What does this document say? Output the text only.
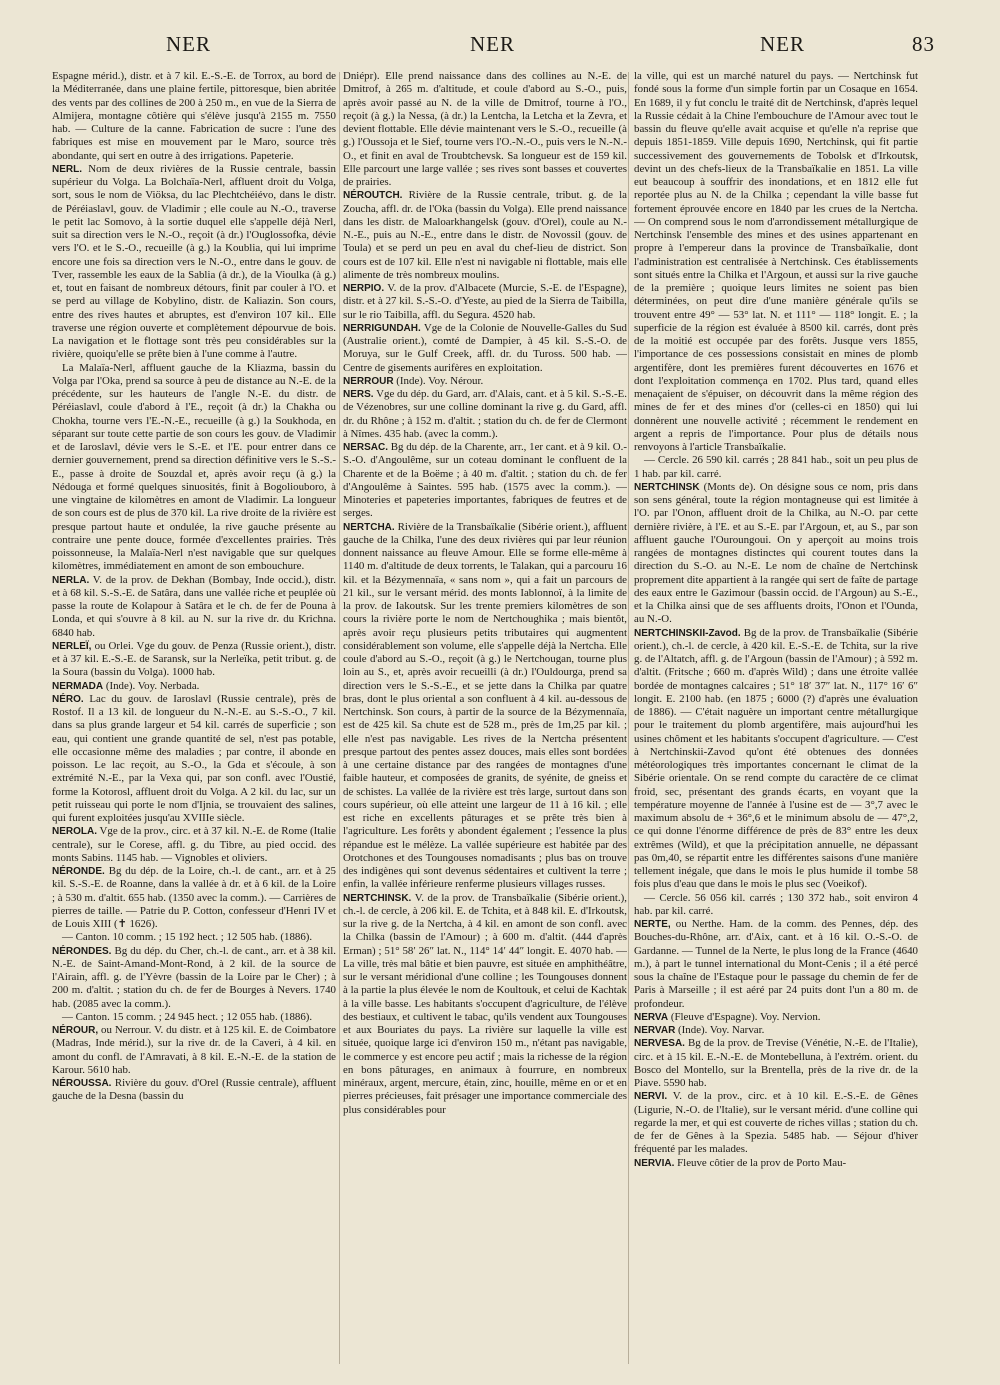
NER	NER	NER	83

Espagne mérid.), distr. et à 7 kil. E.-S.-E. de Torrox, au bord de la Méditerranée, dans une plaine fertile, pittoresque, bien abritée des vents par des collines de 200 à 250 m., en vue de la Sierra de Almijera, montagne côtière qui s'élève jusqu'à 2155 m. 7550 hab. — Culture de la canne. Fabrication de sucre : l'une des fabriques est mise en mouvement par le Maro, source très abondante, qui sert en outre à des irrigations. Papeterie.

NERL. Nom de deux rivières de la Russie centrale, bassin supérieur du Volga. La Bolchaïa-Nerl, affluent droit du Volga, sort, sous le nom de Viöksa, du lac Plechtchéiévo, dans le distr. de Péréiaslavl, gouv. de Vladimir ; elle coule au N.-O., traverse le petit lac Somovo, à la sortie duquel elle s'appelle déjà Nerl, suit sa direction vers le N.-O., reçoit (à dr.) l'Ouglossofka, dévie vers l'O. et le S.-O., recueille (à g.) la Koublia, qui lui imprime encore une fois sa direction vers le N.-O., entre dans le gouv. de Tver, rassemble les eaux de la Sablia (à dr.), de la Vioulka (à g.) et, tout en faisant de nombreux détours, finit par couler à l'O. et se perd au village de Kobylino, distr. de Kaliazin. Son cours, entre des rives hautes et abruptes, est d'environ 107 kil.. Elle traverse une région ouverte et complètement dépourvue de bois. La navigation et le flottage sont très peu considérables sur la rivière, quoiqu'elle se prête bien à l'une comme à l'autre.

La Malaïa-Nerl, affluent gauche de la Kliazma, bassin du Volga par l'Oka, prend sa source à peu de distance au N.-E. de la précédente, sur les hauteurs de l'angle N.-E. du distr. de Péréiaslavl, coule d'abord à l'E., reçoit (à dr.) la Chakha ou Chokha, tourne vers l'E.-N.-E., recueille (à g.) la Soukhoda, en séparant sur toute cette partie de son cours les gouv. de Vladimir et de Iaroslavl, dévie vers le S.-E. et l'E. pour entrer dans ce dernier gouvernement, prend sa direction définitive vers le S.-S.-E., passe à droite de Souzdal et, après avoir reçu (à g.) la Nédouga et formé quelques sinuosités, finit à Bogoliouboro, à une vingtaine de kilomètres en amont de Vladimir. La longueur de son cours est de plus de 370 kil. La rive droite de la rivière est presque partout haute et ondulée, la rive gauche présente au contraire une pente douce, formée d'excellentes prairies. Très poissonneuse, la Malaïa-Nerl n'est navigable que sur quelques kilomètres, immédiatement en amont de son embouchure.

NERLA. V. de la prov. de Dekhan (Bombay, Inde occid.), distr. et à 68 kil. S.-S.-E. de Satâra, dans une vallée riche et peuplée où passe la route de Kolapour à Satâra et le ch. de fer de Pouna à Londa, et qui s'ouvre à 8 kil. au N. sur la rive dr. du Krichna. 6840 hab.

NERLEÏ, ou Orlei. Vge du gouv. de Penza (Russie orient.), distr. et à 37 kil. E.-S.-E. de Saransk, sur la Nerleïka, petit tribut. g. de la Soura (bassin du Volga). 1000 hab.

NERMADA (Inde). Voy. Nerbada.

NÉRO. Lac du gouv. de Iaroslavl (Russie centrale), près de Rostof. Il a 13 kil. de longueur du N.-N.-E. au S.-S.-O., 7 kil. dans sa plus grande largeur et 54 kil. carrés de superficie ; son eau, qui contient une grande quantité de sel, n'est pas potable, elle occasionne même des maladies ; par contre, il abonde en poisson. Le lac reçoit, au S.-O., la Gda et s'écoule, à son extrémité N.-E., par la Vexa qui, par son confl. avec l'Oustié, forme la Kotorosl, affluent droit du Volga. A 2 kil. du lac, sur un petit ruisseau qui porte le nom d'Ijnia, se trouvaient des salines, qui furent exploitées jusqu'au XVIIIe siècle.

NEROLA. Vge de la prov., circ. et à 37 kil. N.-E. de Rome (Italie centrale), sur le Corese, affl. g. du Tibre, au pied occid. des monts Sabins. 1145 hab. — Vignobles et oliviers.

NÉRONDE. Bg du dép. de la Loire, ch.-l. de cant., arr. et à 25 kil. S.-S.-E. de Roanne, dans la vallée à dr. et à 6 kil. de la Loire ; à 530 m. d'altit. 655 hab. (1350 avec la comm.). — Carrières de pierres de taille. — Patrie du P. Cotton, confesseur d'Henri IV et de Louis XIII (✝ 1626).

— Canton. 10 comm. ; 15 192 hect. ; 12 505 hab. (1886).

NÉRONDES. Bg du dép. du Cher, ch.-l. de cant., arr. et à 38 kil. N.-E. de Saint-Amand-Mont-Rond, à 2 kil. de la source de l'Airain, affl. g. de l'Yèvre (bassin de la Loire par le Cher) ; à 200 m. d'altit. ; station du ch. de fer de Bourges à Nevers. 1740 hab. (2085 avec la comm.).

— Canton. 15 comm. ; 24 945 hect. ; 12 055 hab. (1886).

NÉROUR, ou Nerrour. V. du distr. et à 125 kil. E. de Coimbatore (Madras, Inde mérid.), sur la rive dr. de la Caveri, à 4 kil. en amont du confl. de l'Amravati, à 8 kil. E.-N.-E. de la station de Karour. 5610 hab.

NÉROUSSA. Rivière du gouv. d'Orel (Russie centrale), affluent gauche de la Desna (bassin du

Dniépr). Elle prend naissance dans des collines au N.-E. de Dmitrof, à 265 m. d'altitude, et coule d'abord au S.-O., puis, après avoir passé au N. de la ville de Dmitrof, tourne à l'O., reçoit (à g.) la Nessa, (à dr.) la Lentcha, la Letcha et la Zevra, et devient flottable. Elle dévie maintenant vers le S.-O., recueille (à g.) l'Oussoja et le Sief, tourne vers l'O.-N.-O., puis vers le N.-N.-O., et finit en aval de Troubtchevsk. Sa longueur est de 159 kil. Elle parcourt une large vallée ; ses rives sont basses et couvertes de prairies.

NÉROUTCH. Rivière de la Russie centrale, tribut. g. de la Zoucha, affl. dr. de l'Oka (bassin du Volga). Elle prend naissance dans les distr. de Maloarkhangelsk (gouv. d'Orel), coule au N.-N.-E., puis au N.-E., entre dans le distr. de Novossil (gouv. de Toula) et se perd un peu en aval du chef-lieu de district. Son cours est de 107 kil. Elle n'est ni navigable ni flottable, mais elle alimente de très nombreux moulins.

NERPIO. V. de la prov. d'Albacete (Murcie, S.-E. de l'Espagne), distr. et à 27 kil. S.-S.-O. d'Yeste, au pied de la Sierra de Taibilla, sur le rio Taibilla, affl. du Segura. 4520 hab.

NERRIGUNDAH. Vge de la Colonie de Nouvelle-Galles du Sud (Australie orient.), comté de Dampier, à 45 kil. S.-S.-O. de Moruya, sur le Gulf Creek, affl. dr. du Tuross. 500 hab. — Centre de gisements aurifères en exploitation.

NERROUR (Inde). Voy. Nérour.

NERS. Vge du dép. du Gard, arr. d'Alais, cant. et à 5 kil. S.-S.-E. de Vézenobres, sur une colline dominant la rive g. du Gard, affl. dr. du Rhône ; à 152 m. d'altit. ; station du ch. de fer de Clermont à Nîmes. 435 hab. (avec la comm.).

NERSAC. Bg du dép. de la Charente, arr., 1er cant. et à 9 kil. O.-S.-O. d'Angoulême, sur un coteau dominant le confluent de la Charente et de la Boëme ; à 40 m. d'altit. ; station du ch. de fer d'Angoulême à Saintes. 595 hab. (1575 avec la comm.). — Minoteries et papeteries importantes, fabriques de feutres et de serges.

NERTCHA. Rivière de la Transbaïkalie (Sibérie orient.), affluent gauche de la Chilka, l'une des deux rivières qui par leur réunion donnent naissance au fleuve Amour. Elle se forme elle-même à 1140 m. d'altitude de deux torrents, le Talakan, qui a parcouru 16 kil. et la Bézymennaïa, « sans nom », qui a fait un parcours de 21 kil., sur le versant mérid. des monts Iablonnoï, à la limite de la prov. de Iakoutsk. Sur les trente premiers kilomètres de son cours la rivière porte le nom de Nertchoughika ; mais bientôt, après avoir reçu plusieurs petits tributaires qui augmentent considérablement son volume, elle s'appelle déjà la Nertcha. Elle coule d'abord au S.-O., reçoit (à g.) le Nertchougan, tourne plus loin au S., et, après avoir recueilli (à dr.) l'Ouldourga, prend sa direction vers le S.-S.-E., et se jette dans la Chilka par quatre bras, dont le plus oriental a son confluent à 4 kil. au-dessous de Nertchinsk. Son cours, à partir de la source de la Bézymennaïa, est de 425 kil. Sa chute est de 528 m., près de 1m,25 par kil. ; elle n'est pas navigable. Les rives de la Nertcha présentent presque partout des pentes assez douces, mais elles sont bordées à une certaine distance par des rangées de montagnes d'une faible hauteur, et composées de granits, de syénite, de gneiss et de schistes. La vallée de la rivière est très large, surtout dans son cours supérieur, où elle atteint une largeur de 11 à 16 kil. ; elle est riche en excellents pâturages et se prête très bien à l'agriculture. Les forêts y abondent également ; l'essence la plus répandue est le mélèze. La vallée supérieure est habitée par des Orotchones et des Toungouses nomadisants ; plus bas on trouve des indigènes qui sont devenus sédentaires et cultivent la terre ; enfin, la vallée inférieure renferme plusieurs villages russes.

NERTCHINSK. V. de la prov. de Transbaïkalie (Sibérie orient.), ch.-l. de cercle, à 206 kil. E. de Tchita, et à 848 kil. E. d'Irkoutsk, sur la rive g. de la Nertcha, à 4 kil. en amont de son confl. avec la Chilka (bassin de l'Amour) ; à 600 m. d'altit. (444 d'après Erman) ; 51° 58′ 26″ lat. N., 114° 14′ 44″ longit. E. 4070 hab. — La ville, très mal bâtie et bien pauvre, est située en amphithéâtre, sur le versant méridional d'une colline ; les Toungouses donnent à la partie la plus élevée le nom de Koultouk, et celui de Kachtak à la ville basse. Les habitants s'occupent d'agriculture, de l'élève des bestiaux, et cultivent le tabac, qu'ils vendent aux Toungouses et aux Bouriates du pays. La rivière sur laquelle la ville est située, quoique large ici d'environ 150 m., n'étant pas navigable, le commerce y est encore peu actif ; mais la richesse de la région en bons pâturages, en animaux à fourrure, en nombreux minéraux, argent, mercure, étain, zinc, houille, même en or et en pierres précieuses, fait présager une importance commerciale des plus considérables pour

la ville, qui est un marché naturel du pays. — Nertchinsk fut fondé sous la forme d'un simple fortin par un Cosaque en 1654. En 1689, il y fut conclu le traité dit de Nertchinsk, d'après lequel la Russie cédait à la Chine l'embouchure de l'Amour avec tout le bassin du fleuve qu'elle avait acquise et qu'elle n'a reprise que depuis 1851-1859. Ville depuis 1690, Nertchinsk, qui fit partie successivement des gouvernements de Tobolsk et d'Irkoutsk, devint un des chefs-lieux de la Transbaïkalie en 1851. La ville eut beaucoup à souffrir des inondations, et en 1812 elle fut reportée plus au N. de la Chilka ; cependant la ville basse fut fortement éprouvée encore en 1840 par les crues de la Nertcha. — On comprend sous le nom d'arrondissement métallurgique de Nertchinsk l'ensemble des mines et des usines appartenant en propre à l'empereur dans la province de Transbaïkalie, dont l'administration est centralisée à Nertchinsk. Ces établissements sont situés entre la Chilka et l'Argoun, et aussi sur la rive gauche de la première ; quoique leurs limites ne soient pas bien déterminées, on peut dire d'une manière générale qu'ils se trouvent entre 49° — 53° lat. N. et 111° — 118° longit. E. ; la superficie de la région est évaluée à 8500 kil. carrés, dont près de la moitié est occupée par des forêts. Jusque vers 1855, l'importance de ces possessions consistait en mines de plomb argentifère, dont les premières furent découvertes en 1676 et dont l'exploitation commença en 1702. Plus tard, quand elles menaçaient de s'épuiser, on découvrit dans la même région des mines de fer et des mines d'or (celles-ci en 1850) qui lui donnèrent une nouvelle activité ; récemment le rendement en argent a repris de l'importance. Pour plus de détails nous renvoyons à l'article Transbaïkalie.

— Cercle. 26 590 kil. carrés ; 28 841 hab., soit un peu plus de 1 hab. par kil. carré.

NERTCHINSK (Monts de). On désigne sous ce nom, pris dans son sens général, toute la région montagneuse qui est limitée à l'O. par l'Onon, affluent droit de la Chilka, au N.-O. par cette dernière rivière, à l'E. et au S.-E. par l'Argoun, et, au S., par son affluent gauche l'Ouroungoui. On y aperçoit au moins trois rangées de montagnes distinctes qui courent toutes dans la direction du S.-O. au N.-E. Le nom de chaîne de Nertchinsk proprement dite appartient à la rangée qui sert de faîte de partage des eaux entre le Gazimour (bassin occid. de l'Argoun) au S.-E., et la Chilka ainsi que de ses affluents droits, l'Onon et l'Ounda, au N.-O.

NERTCHINSKII-Zavod. Bg de la prov. de Transbaïkalie (Sibérie orient.), ch.-l. de cercle, à 420 kil. E.-S.-E. de Tchita, sur la rive g. de l'Altatch, affl. g. de l'Argoun (bassin de l'Amour) ; à 592 m. d'altit. (Fritsche ; 660 m. d'après Wild) ; dans une étroite vallée bordée de montagnes calcaires ; 51° 18′ 37″ lat. N., 117° 16′ 6″ longit. E. 2100 hab. (en 1875 ; 6000 (?) d'après une évaluation de 1886). — C'était naguère un important centre métallurgique pour le traitement du plomb argentifère, mais aujourd'hui les usines chôment et les habitants s'occupent d'agriculture. — C'est à Nertchinskii-Zavod qu'ont été obtenues des données météorologiques très importantes concernant le climat de la Sibérie orientale. On se rend compte du caractère de ce climat froid, sec, présentant des grands écarts, en voyant que la température moyenne de l'année à l'usine est de — 3°,7 avec le maximum absolu de + 36°,6 et le minimum absolu de — 47°,2, ce qui donne l'énorme différence de près de 83° entre les deux extrêmes (Wild), et que la précipitation annuelle, ne dépassant pas 0m,40, se répartit entre les différentes saisons d'une manière tellement inégale, que dans le mois le plus humide il tombe 58 fois plus d'eau que dans le mois le plus sec (Voeikof).

— Cercle. 56 056 kil. carrés ; 130 372 hab., soit environ 4 hab. par kil. carré.

NERTE, ou Nerthe. Ham. de la comm. des Pennes, dép. des Bouches-du-Rhône, arr. d'Aix, cant. et à 16 kil. O.-S.-O. de Gardanne. — Tunnel de la Nerte, le plus long de la France (4640 m.), à part le tunnel international du Mont-Cenis ; il a été percé sous la chaîne de l'Estaque pour le passage du chemin de fer de Paris à Marseille ; il est aéré par 24 puits dont l'un a 80 m. de profondeur.

NERVA (Fleuve d'Espagne). Voy. Nervion.

NERVAR (Inde). Voy. Narvar.

NERVESA. Bg de la prov. de Trevise (Vénétie, N.-E. de l'Italie), circ. et à 15 kil. E.-N.-E. de Montebelluna, à l'extrém. orient. du Bosco del Montello, sur la Brentella, près de la rive dr. de la Piave. 5590 hab.

NERVI. V. de la prov., circ. et à 10 kil. E.-S.-E. de Gênes (Ligurie, N.-O. de l'Italie), sur le versant mérid. d'une colline qui regarde la mer, et qui est couverte de riches villas ; station du ch. de fer de Gênes à la Spezia. 5485 hab. — Séjour d'hiver fréquenté par les malades.

NERVIA. Fleuve côtier de la prov de Porto Mau-
